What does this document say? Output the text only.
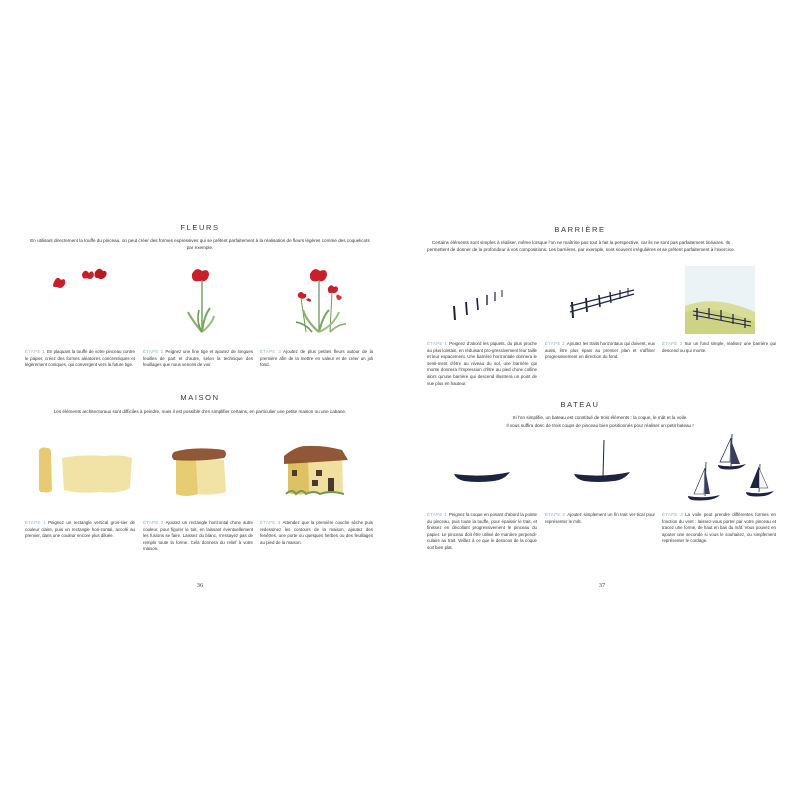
FLEURS
En utilisant directement la touffe du pinceau, on peut créer des formes expressives qui se prêtent parfaitement à la réalisation de fleurs légères comme des coquelicots par exemple.
ÉTAPE 1 En plaquant la touffe de votre pinceau contre le papier, créez des formes aléatoires concentriques et légèrement coniques, qui convergent vers la future tige.
ÉTAPE 2 Peignez une fine tige et ajoutez de longues feuilles de part et d’autre, selon la technique des feuillages que nous venons de voir.
ÉTAPE 3 Ajoutez de plus petites fleurs autour de la première afin de la mettre en valeur et de créer un joli fond.
MAISON
Les éléments architecturaux sont difficiles à peindre, mais il est possible d’en simplifier certains, en particulier une petite maison ou une cabane.
ÉTAPE 1 Peignez un rectangle vertical gros-sier de couleur claire, puis un rectangle hori-zontal, accolé au premier, dans une couleur encore plus diluée.
ÉTAPE 2 Ajoutez un rectangle horizontal d’une autre couleur, pour figurer le toit, en laissant éventuellement les fusions se faire. Laissez du blanc, n’essayez pas de remplir toute la forme. Cela donnera du relief à votre maison.
ÉTAPE 3 Attendez que la première couche sèche puis redessinez les contours de la maison, ajoutez des fenêtres, une porte ou quelques herbes ou des feuillages au pied de la maison.
36
BARRIÈRE
Certains éléments sont simples à réaliser, même lorsque l’on ne maîtrise pas tout à fait la perspective, car ils ne sont pas parfaitement linéaires. Ils permettent de donner de la profondeur à vos compositions. Les barrières, par exemple, sont souvent irrégulières et se prêtent parfaitement à l’exercice.
ÉTAPE 1 Peignez d’abord les piquets, du plus proche au plus lointain, en réduisant pro-gressivement leur taille et leur espacement. Une barrière horizontale donnera le senti-ment d’être au niveau du sol, une barrière qui monte donnera l’impression d’être au pied d’une colline alors qu’une barrière qui descend illustrera un point de vue plus en hauteur.
ÉTAPE 2 Ajoutez les traits horizontaux qui doivent, eux aussi, être plus épais au premier plan et s’affiner progressivement en direction du fond.
ÉTAPE 3 Sur un fond simple, réalisez une barrière qui descend ou qui monte.
BATEAU
Si l’on simplifie, un bateau est constitué de trois éléments : la coque, le mât et la voile.
Il vous suffira donc de trois coups de pinceau bien positionnés pour réaliser un petit bateau !
ÉTAPE 1 Peignez la coque en posant d’abord la pointe du pinceau, puis toute la touffe, pour épaissir le trait, et finissez en décollant progressivement le pinceau du papier. Le pinceau doit être utilisé de manière perpendi-culaire au trait. Veillez à ce que le dessous de la coque soit bien plat.
ÉTAPE 2 Ajoutez simplement un fin trait ver-tical pour représenter le mât.
ÉTAPE 3 La voile peut prendre différentes formes en fonction du vent : laissez-vous porter par votre pinceau et tracez une forme, de haut en bas du mât. Vous pouvez en ajouter une seconde si vous le souhaitez, ou simplement représenter le cordage.
37
